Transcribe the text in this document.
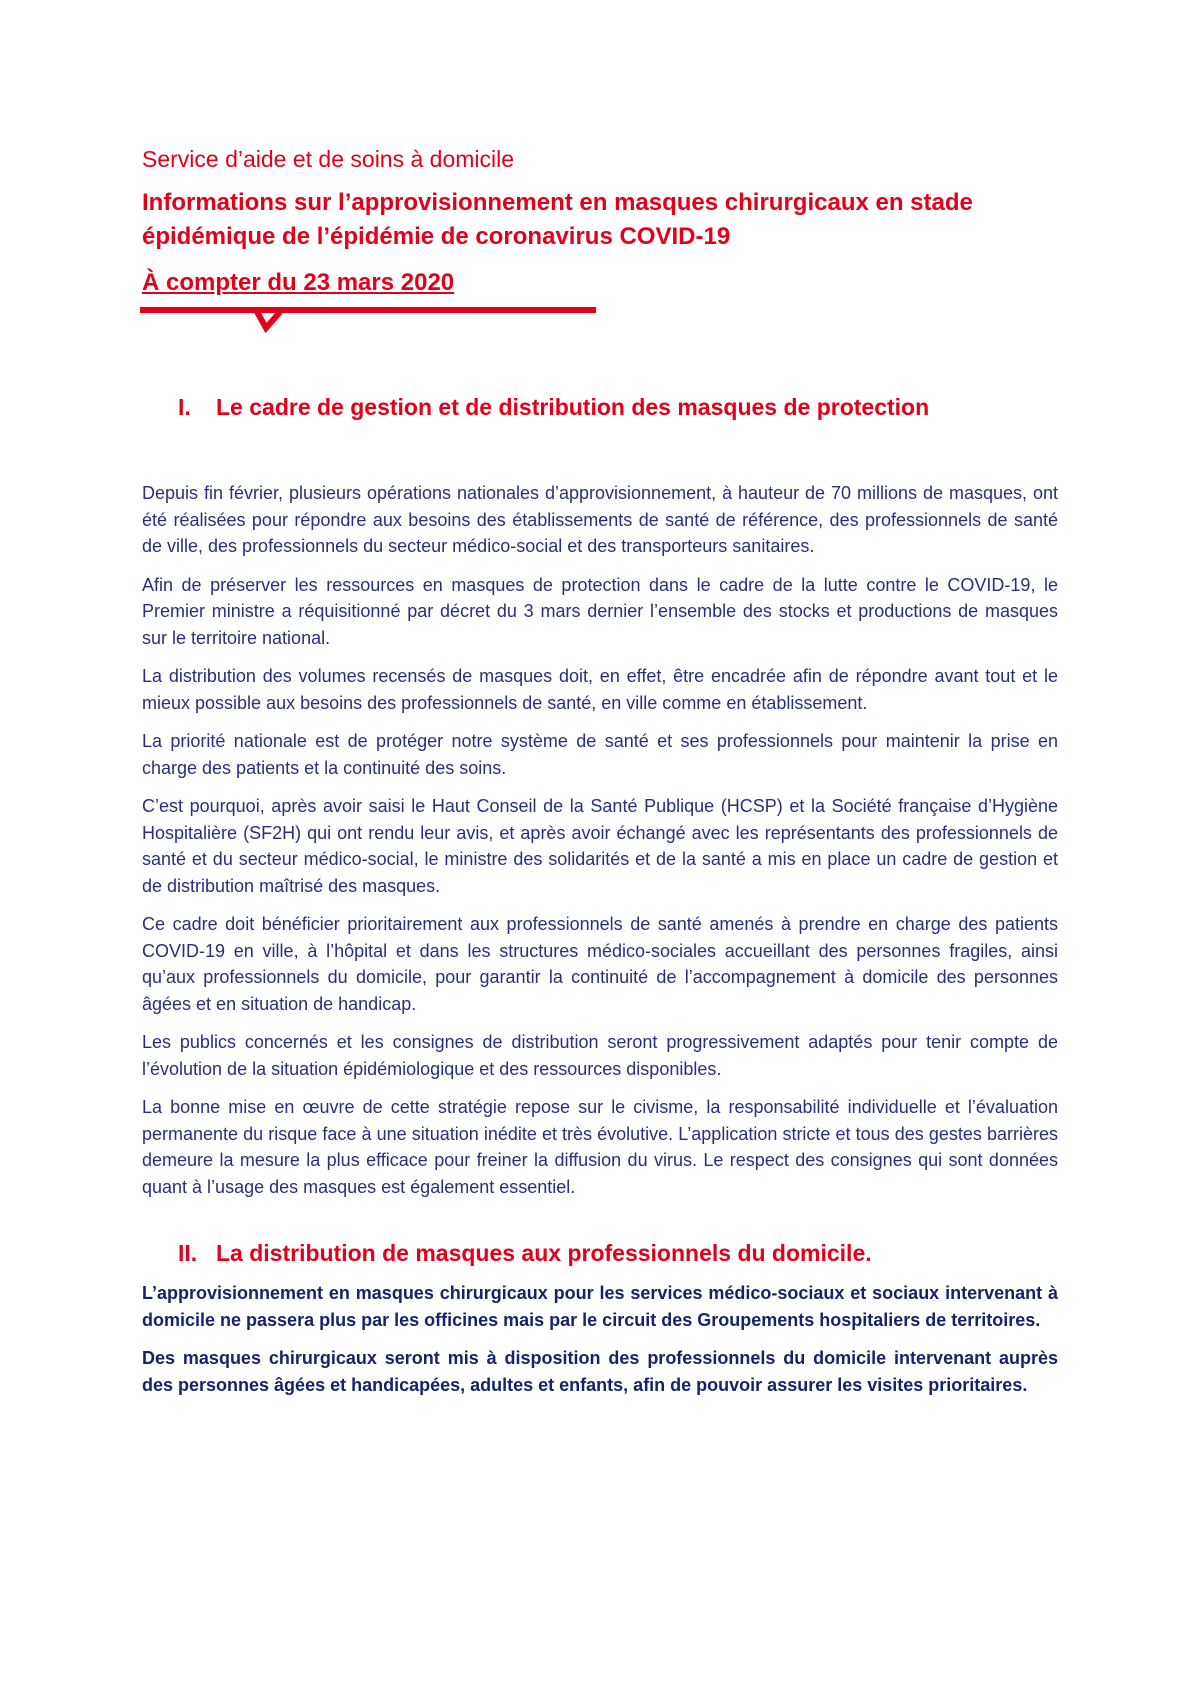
Service d’aide et de soins à domicile
Informations sur l’approvisionnement en masques chirurgicaux en stade épidémique de l’épidémie de coronavirus COVID-19
À compter du 23 mars 2020
I.	Le cadre de gestion et de distribution des masques de protection

Depuis fin février, plusieurs opérations nationales d’approvisionnement, à hauteur de 70 millions de masques, ont été réalisées pour répondre aux besoins des établissements de santé de référence, des professionnels de santé de ville, des professionnels du secteur médico-social et des transporteurs sanitaires.

Afin de préserver les ressources en masques de protection dans le cadre de la lutte contre le COVID-19, le Premier ministre a réquisitionné par décret du 3 mars dernier l’ensemble des stocks et productions de masques sur le territoire national.

La distribution des volumes recensés de masques doit, en effet, être encadrée afin de répondre avant tout et le mieux possible aux besoins des professionnels de santé, en ville comme en établissement.

La priorité nationale est de protéger notre système de santé et ses professionnels pour maintenir la prise en charge des patients et la continuité des soins.

C’est pourquoi, après avoir saisi le Haut Conseil de la Santé Publique (HCSP) et la Société française d’Hygiène Hospitalière (SF2H) qui ont rendu leur avis, et après avoir échangé avec les représentants des professionnels de santé et du secteur médico-social, le ministre des solidarités et de la santé a mis en place un cadre de gestion et de distribution maîtrisé des masques.

Ce cadre doit bénéficier prioritairement aux professionnels de santé amenés à prendre en charge des patients COVID-19 en ville, à l’hôpital et dans les structures médico-sociales accueillant des personnes fragiles, ainsi qu’aux professionnels du domicile, pour garantir la continuité de l’accompagnement à domicile des personnes âgées et en situation de handicap.

Les publics concernés et les consignes de distribution seront progressivement adaptés pour tenir compte de l’évolution de la situation épidémiologique et des ressources disponibles.

La bonne mise en œuvre de cette stratégie repose sur le civisme, la responsabilité individuelle et l’évaluation permanente du risque face à une situation inédite et très évolutive. L’application stricte et tous des gestes barrières demeure la mesure la plus efficace pour freiner la diffusion du virus. Le respect des consignes qui sont données quant à l’usage des masques est également essentiel.

II. La distribution de masques aux professionnels du domicile.

L’approvisionnement en masques chirurgicaux pour les services médico-sociaux et sociaux intervenant à domicile ne passera plus par les officines mais par le circuit des Groupements hospitaliers de territoires.

Des masques chirurgicaux seront mis à disposition des professionnels du domicile intervenant auprès des personnes âgées et handicapées, adultes et enfants, afin de pouvoir assurer les visites prioritaires.
